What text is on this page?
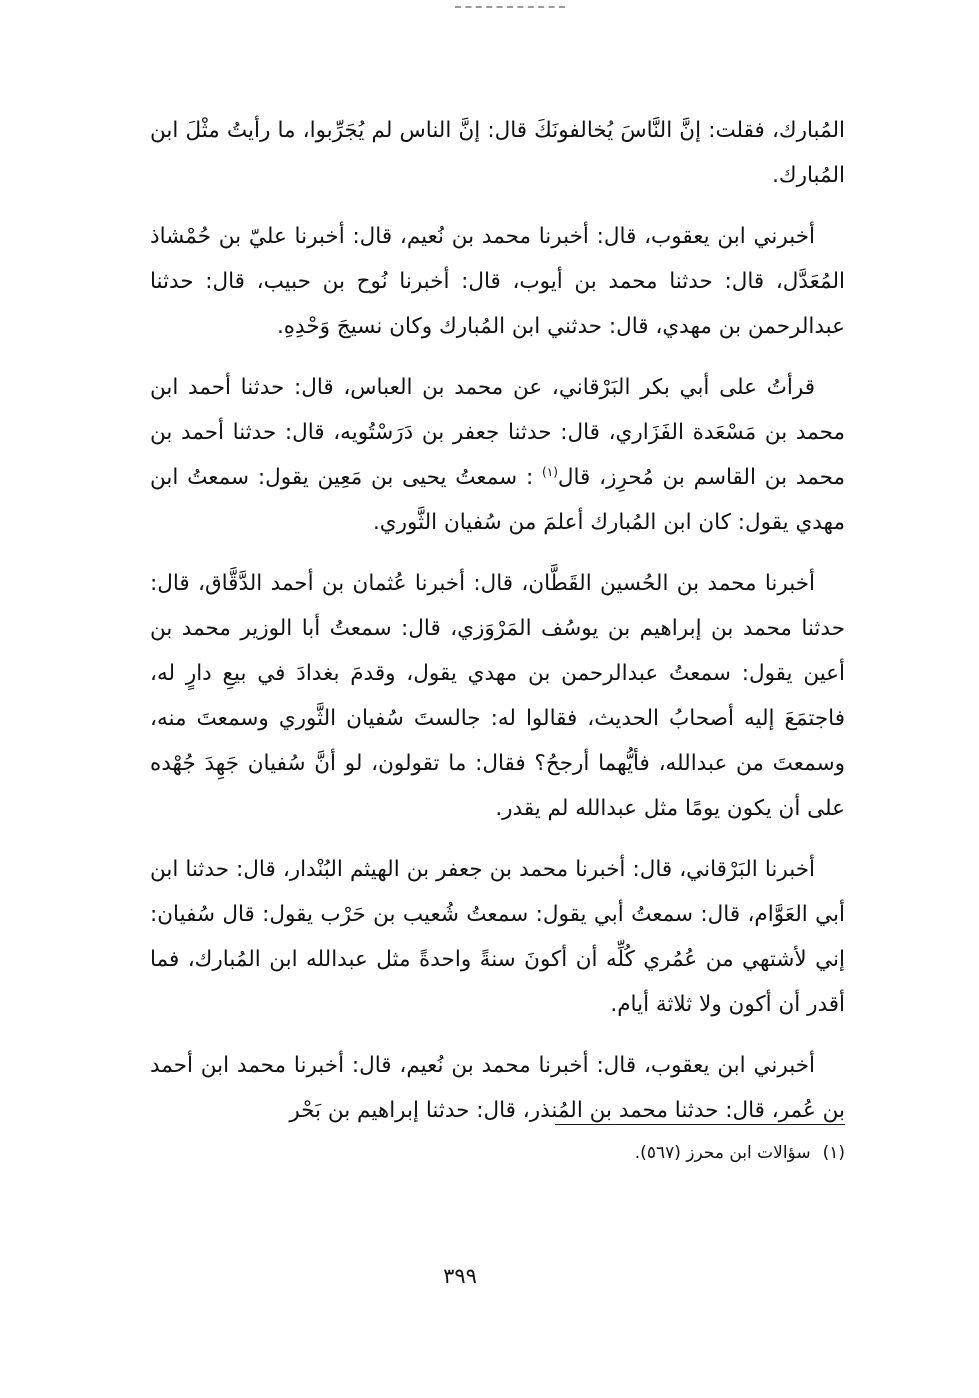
المُبارك، فقلت: إنَّ النَّاسَ يُخالفونَكَ قال: إنَّ الناس لم يُجَرِّبوا، ما رأيتُ مثْلَ ابن المُبارك.

أخبرني ابن يعقوب، قال: أخبرنا محمد بن نُعيم، قال: أخبرنا عليّ بن حُمْشاذ المُعَدَّل، قال: حدثنا محمد بن أيوب، قال: أخبرنا نُوح بن حبيب، قال: حدثنا عبدالرحمن بن مهدي، قال: حدثني ابن المُبارك وكان نسيجَ وَحْدِهِ.

قرأتُ على أبي بكر البَرْقاني، عن محمد بن العباس، قال: حدثنا أحمد ابن محمد بن مَسْعَدة الفَزَاري، قال: حدثنا جعفر بن دَرَسْتُويه، قال: حدثنا أحمد بن محمد بن القاسم بن مُحرِز، قال$^{(١)}$ : سمعتُ يحيى بن مَعِين يقول: سمعتُ ابن مهدي يقول: كان ابن المُبارك أعلمَ من سُفيان الثَّوري.

أخبرنا محمد بن الحُسين القَطَّان، قال: أخبرنا عُثمان بن أحمد الدَّقَّاق، قال: حدثنا محمد بن إبراهيم بن يوسُف المَرْوَزي، قال: سمعتُ أبا الوزير محمد بن أعين يقول: سمعتُ عبدالرحمن بن مهدي يقول، وقدمَ بغدادَ في بيعِ دارٍ له، فاجتمَعَ إليه أصحابُ الحديث، فقالوا له: جالستَ سُفيان الثَّوري وسمعتَ منه، وسمعتَ من عبدالله، فأيُّهما أرجحُ؟ فقال: ما تقولون، لو أنَّ سُفيان جَهِدَ جُهْده على أن يكون يومًا مثل عبدالله لم يقدر.

أخبرنا البَرْقاني، قال: أخبرنا محمد بن جعفر بن الهيثم البُنْدار، قال: حدثنا ابن أبي العَوَّام، قال: سمعتُ أبي يقول: سمعتُ شُعيب بن حَرْب يقول: قال سُفيان: إني لأشتهي من عُمُري كُلِّه أن أكونَ سنةً واحدةً مثل عبدالله ابن المُبارك، فما أقدر أن أكون ولا ثلاثة أيام.

أخبرني ابن يعقوب، قال: أخبرنا محمد بن نُعيم، قال: أخبرنا محمد ابن أحمد بن عُمر، قال: حدثنا محمد بن المُنذر، قال: حدثنا إبراهيم بن بَحْر

(١)سؤالات ابن محرز (٥٦٧).
٣٩٩
